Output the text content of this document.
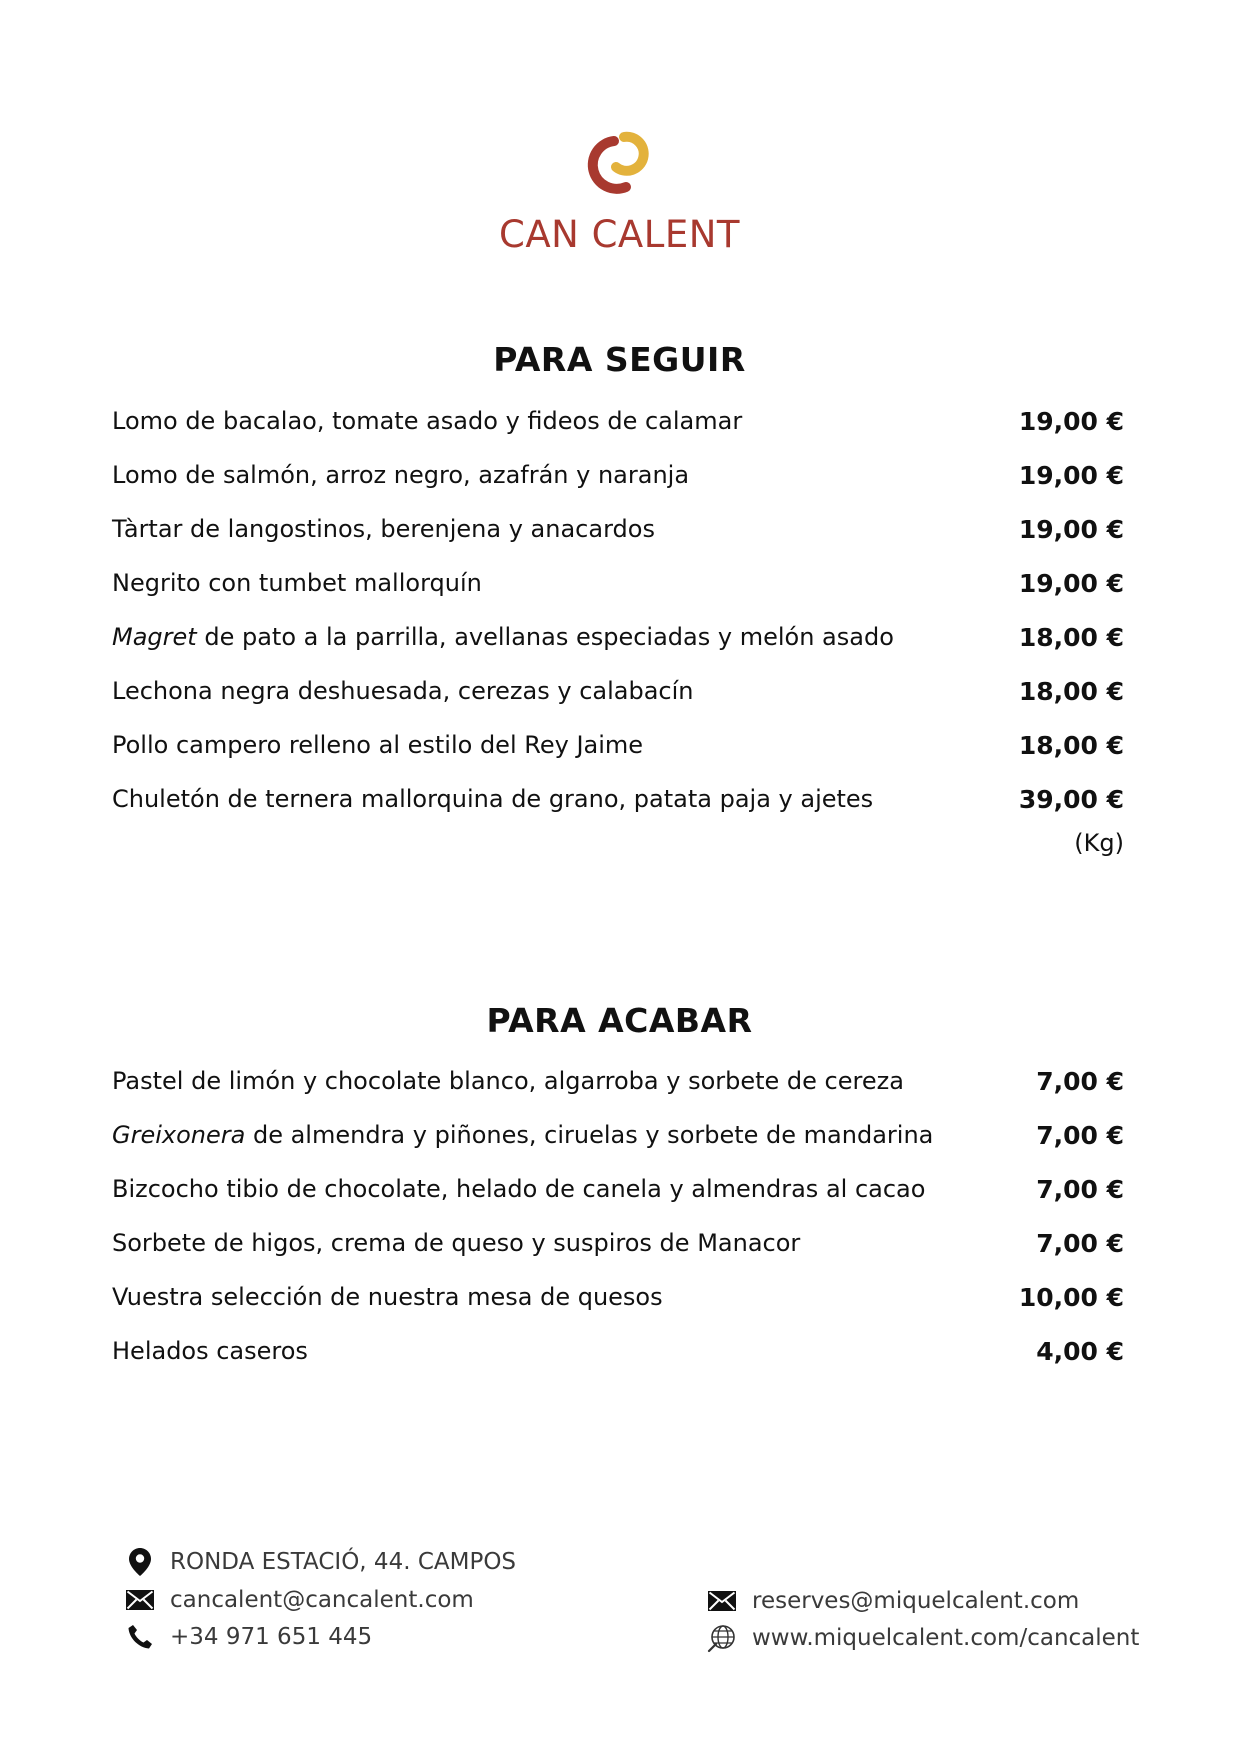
CAN CALENT
PARA SEGUIR
Lomo de bacalao, tomate asado y fideos de calamar	19,00 €
Lomo de salmón, arroz negro, azafrán y naranja	19,00 €
Tàrtar de langostinos, berenjena y anacardos	19,00 €
Negrito con tumbet mallorquín	19,00 €
Magret de pato a la parrilla, avellanas especiadas y melón asado	18,00 €
Lechona negra deshuesada, cerezas y calabacín	18,00 €
Pollo campero relleno al estilo del Rey Jaime	18,00 €
Chuletón de ternera mallorquina de grano, patata paja y ajetes	39,00 €
(Kg)
PARA ACABAR
Pastel de limón y chocolate blanco, algarroba y sorbete de cereza	7,00 €
Greixonera de almendra y piñones, ciruelas y sorbete de mandarina	7,00 €
Bizcocho tibio de chocolate, helado de canela y almendras al cacao	7,00 €
Sorbete de higos, crema de queso y suspiros de Manacor	7,00 €
Vuestra selección de nuestra mesa de quesos	10,00 €
Helados caseros	4,00 €
RONDA ESTACIÓ, 44. CAMPOS
cancalent@cancalent.com
+34 971 651 445
reserves@miquelcalent.com
www.miquelcalent.com/cancalent
